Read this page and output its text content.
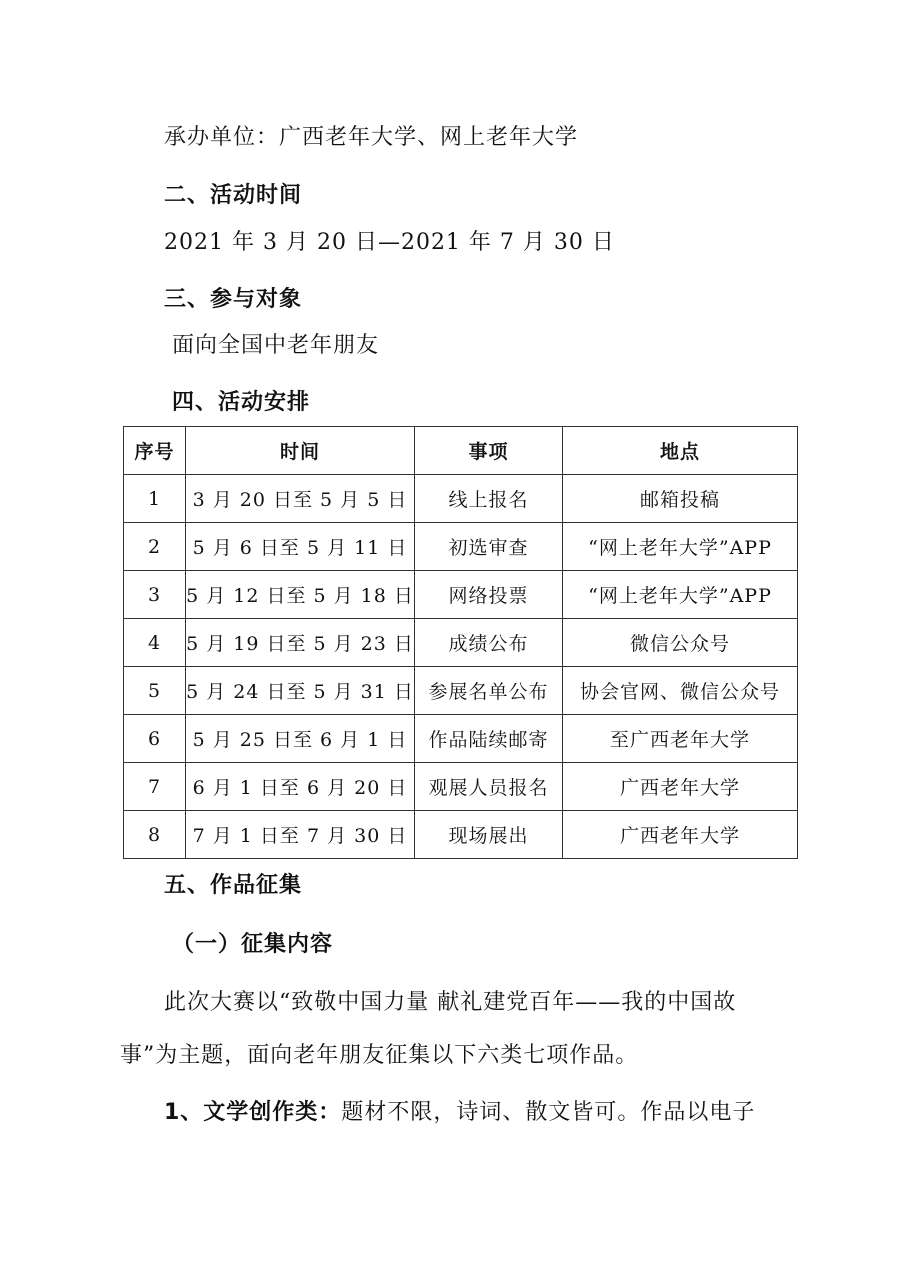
承办单位：广西老年大学、网上老年大学
二、活动时间
2021 年 3 月 20 日—2021 年 7 月 30 日
三、参与对象
面向全国中老年朋友
四、活动安排
序号	时间	事项	地点
1	3 月 20 日至 5 月 5 日	线上报名	邮箱投稿
2	5 月 6 日至 5 月 11 日	初选审查	“网上老年大学”APP
3	5 月 12 日至 5 月 18 日	网络投票	“网上老年大学”APP
4	5 月 19 日至 5 月 23 日	成绩公布	微信公众号
5	5 月 24 日至 5 月 31 日	参展名单公布	协会官网、微信公众号
6	5 月 25 日至 6 月 1 日	作品陆续邮寄	至广西老年大学
7	6 月 1 日至 6 月 20 日	观展人员报名	广西老年大学
8	7 月 1 日至 7 月 30 日	现场展出	广西老年大学
五、作品征集
（一）征集内容
此次大赛以“致敬中国力量 献礼建党百年——我的中国故
事”为主题，面向老年朋友征集以下六类七项作品。
1、文学创作类：题材不限，诗词、散文皆可。作品以电子
